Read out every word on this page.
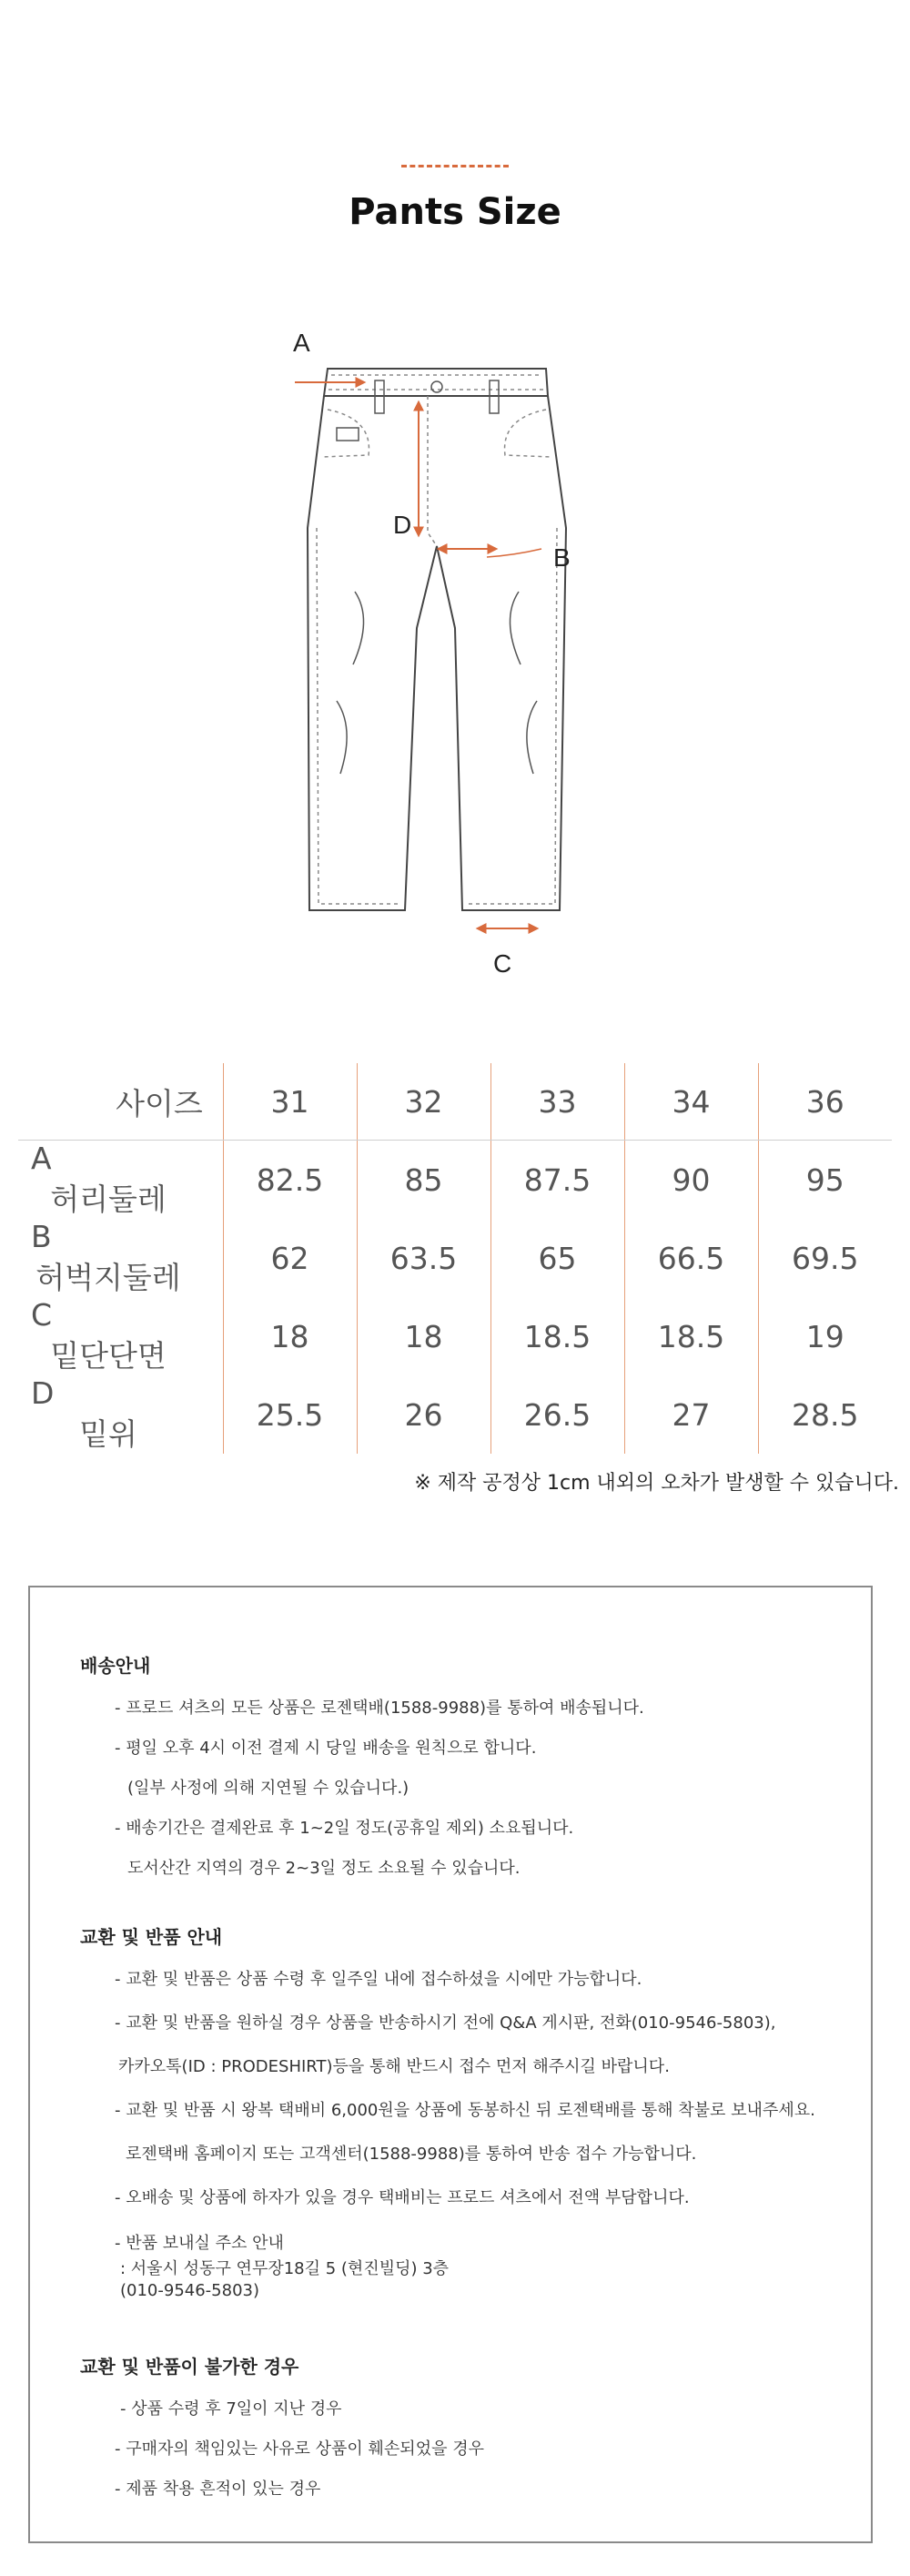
Pants Size
A
D
B
C
사이즈	31	32	33	34	36
A허리둘레	82.5	85	87.5	90	95
B허벅지둘레	62	63.5	65	66.5	69.5
C밑단단면	18	18	18.5	18.5	19
D밑위	25.5	26	26.5	27	28.5
※ 제작 공정상 1cm 내외의 오차가 발생할 수 있습니다.
배송안내
- 프로드 셔츠의 모든 상품은 로젠택배(1588-9988)를 통하여 배송됩니다.
- 평일 오후 4시 이전 결제 시 당일 배송을 원칙으로 합니다.
(일부 사정에 의해 지연될 수 있습니다.)
- 배송기간은 결제완료 후 1~2일 정도(공휴일 제외) 소요됩니다.
도서산간 지역의 경우 2~3일 정도 소요될 수 있습니다.
교환 및 반품 안내
- 교환 및 반품은 상품 수령 후 일주일 내에 접수하셨을 시에만 가능합니다.
- 교환 및 반품을 원하실 경우 상품을 반송하시기 전에 Q&A 게시판, 전화(010-9546-5803),
카카오톡(ID : PRODESHIRT)등을 통해 반드시 접수 먼저 해주시길 바랍니다.
- 교환 및 반품 시 왕복 택배비 6,000원을 상품에 동봉하신 뒤 로젠택배를 통해 착불로 보내주세요.
로젠택배 홈페이지 또는 고객센터(1588-9988)를 통하여 반송 접수 가능합니다.
- 오배송 및 상품에 하자가 있을 경우 택배비는 프로드 셔츠에서 전액 부담합니다.
- 반품 보내실 주소 안내
: 서울시 성동구 연무장18길 5 (현진빌딩) 3층
(010-9546-5803)
교환 및 반품이 불가한 경우
- 상품 수령 후 7일이 지난 경우
- 구매자의 책임있는 사유로 상품이 훼손되었을 경우
- 제품 착용 흔적이 있는 경우
